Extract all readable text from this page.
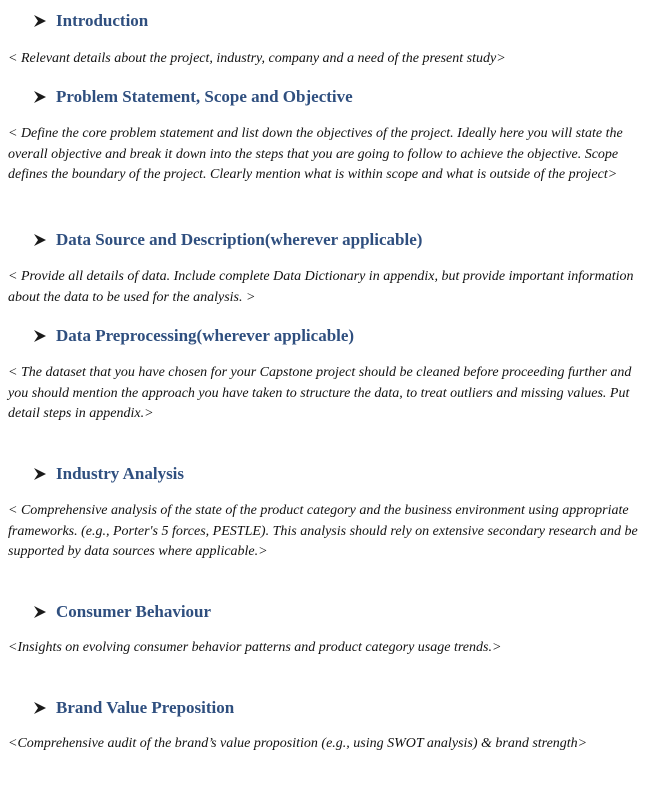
Introduction

< Relevant details about the project, industry, company and a need of the present study>

Problem Statement, Scope and Objective

< Define the core problem statement and list down the objectives of the project. Ideally here you will state the overall objective and break it down into the steps that you are going to follow to achieve the objective. Scope defines the boundary of the project. Clearly mention what is within scope and what is outside of the project>

Data Source and Description(wherever applicable)

< Provide all details of data. Include complete Data Dictionary in appendix, but provide important information about the data to be used for the analysis. >

Data Preprocessing(wherever applicable)

< The dataset that you have chosen for your Capstone project should be cleaned before proceeding further and you should mention the approach you have taken to structure the data, to treat outliers and missing values. Put detail steps in appendix.>

Industry Analysis

< Comprehensive analysis of the state of the product category and the business environment using appropriate frameworks. (e.g., Porter's 5 forces, PESTLE). This analysis should rely on extensive secondary research and be supported by data sources where applicable.>

Consumer Behaviour

<Insights on evolving consumer behavior patterns and product category usage trends.>

Brand Value Preposition

<Comprehensive audit of the brand’s value proposition (e.g., using SWOT analysis) & brand strength>
